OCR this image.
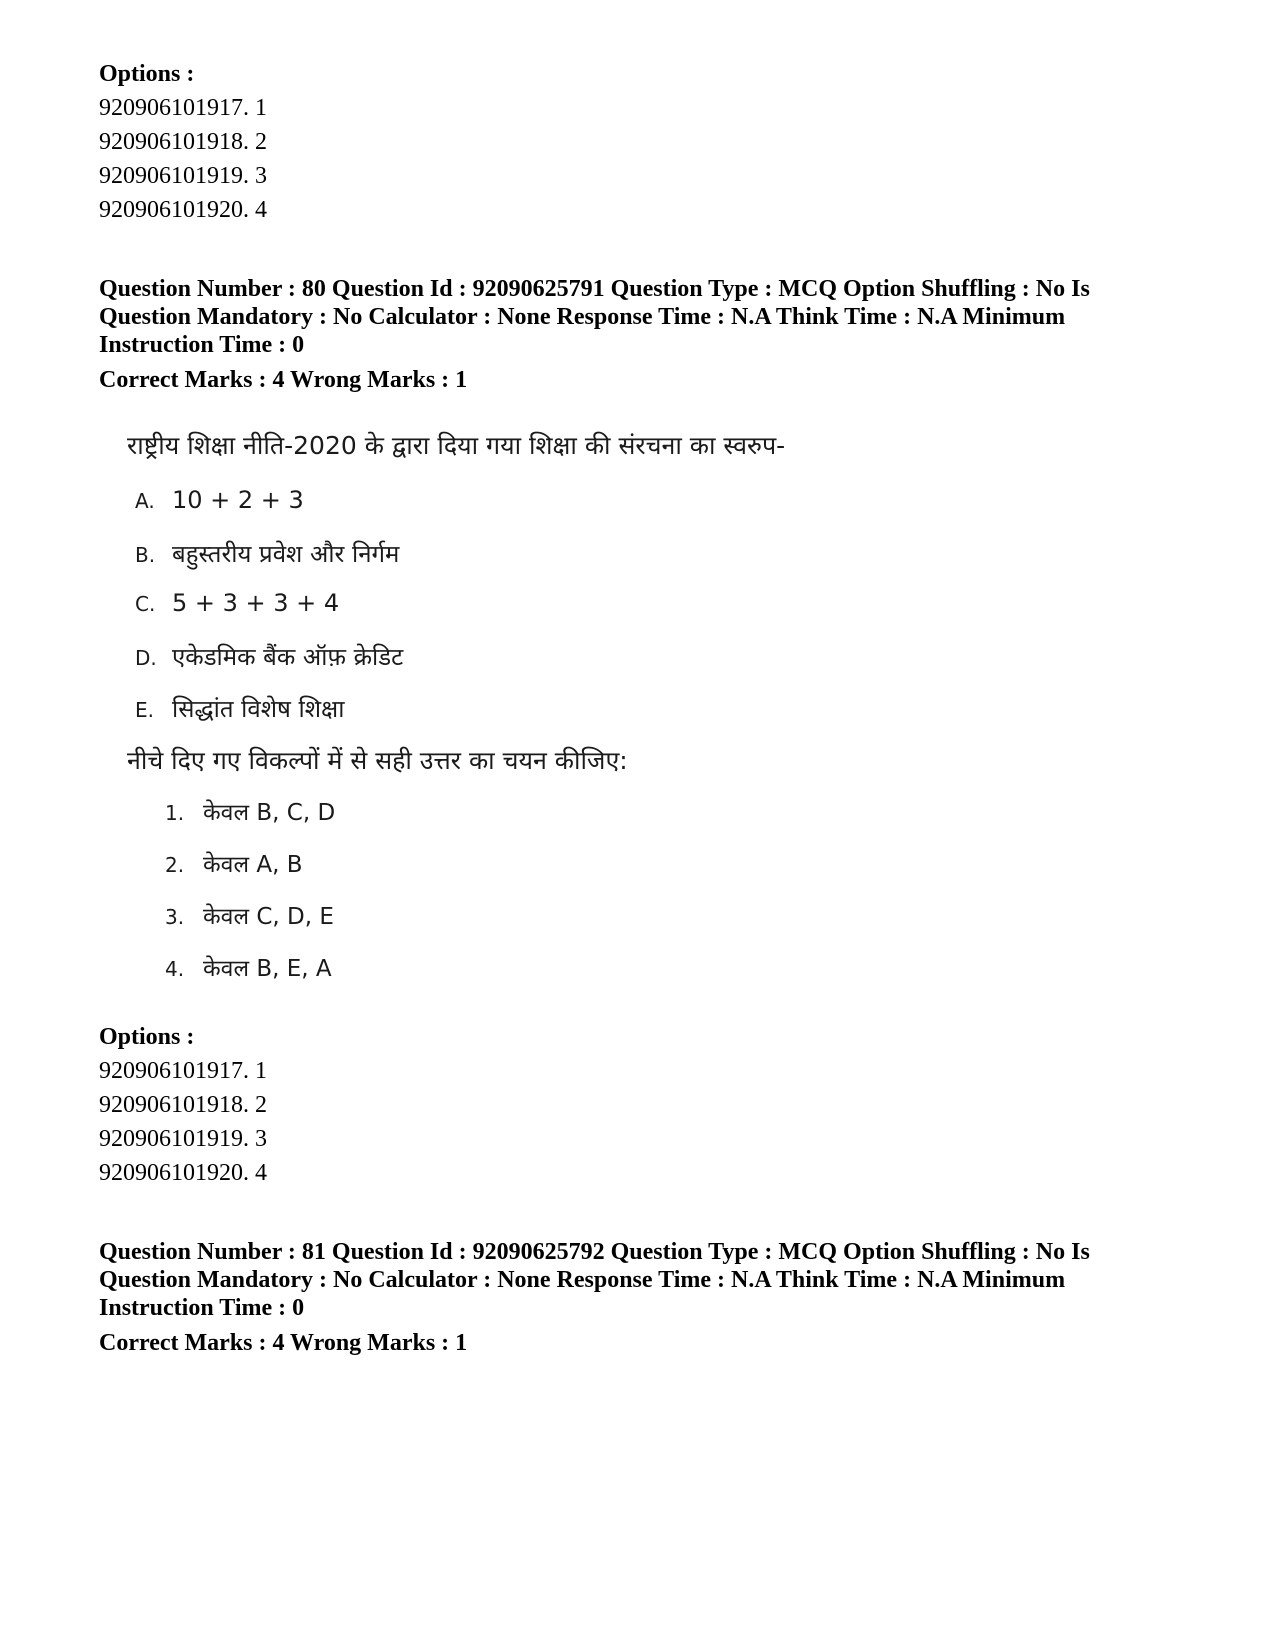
Options :
920906101917. 1
920906101918. 2
920906101919. 3
920906101920. 4
Question Number : 80 Question Id : 92090625791 Question Type : MCQ Option Shuffling : No Is Question Mandatory : No Calculator : None Response Time : N.A Think Time : N.A Minimum Instruction Time : 0
Correct Marks : 4 Wrong Marks : 1
राष्ट्रीय शिक्षा नीति-2020 के द्वारा दिया गया शिक्षा की संरचना का स्वरुप-
A. 10 + 2 + 3
B. बहुस्तरीय प्रवेश और निर्गम
C. 5 + 3 + 3 + 4
D. एकेडमिक बैंक ऑफ़ क्रेडिट
E. सिद्धांत विशेष शिक्षा
नीचे दिए गए विकल्पों में से सही उत्तर का चयन कीजिए:
1. केवल B, C, D
2. केवल A, B
3. केवल C, D, E
4. केवल B, E, A
Options :
920906101917. 1
920906101918. 2
920906101919. 3
920906101920. 4
Question Number : 81 Question Id : 92090625792 Question Type : MCQ Option Shuffling : No Is Question Mandatory : No Calculator : None Response Time : N.A Think Time : N.A Minimum Instruction Time : 0
Correct Marks : 4 Wrong Marks : 1
